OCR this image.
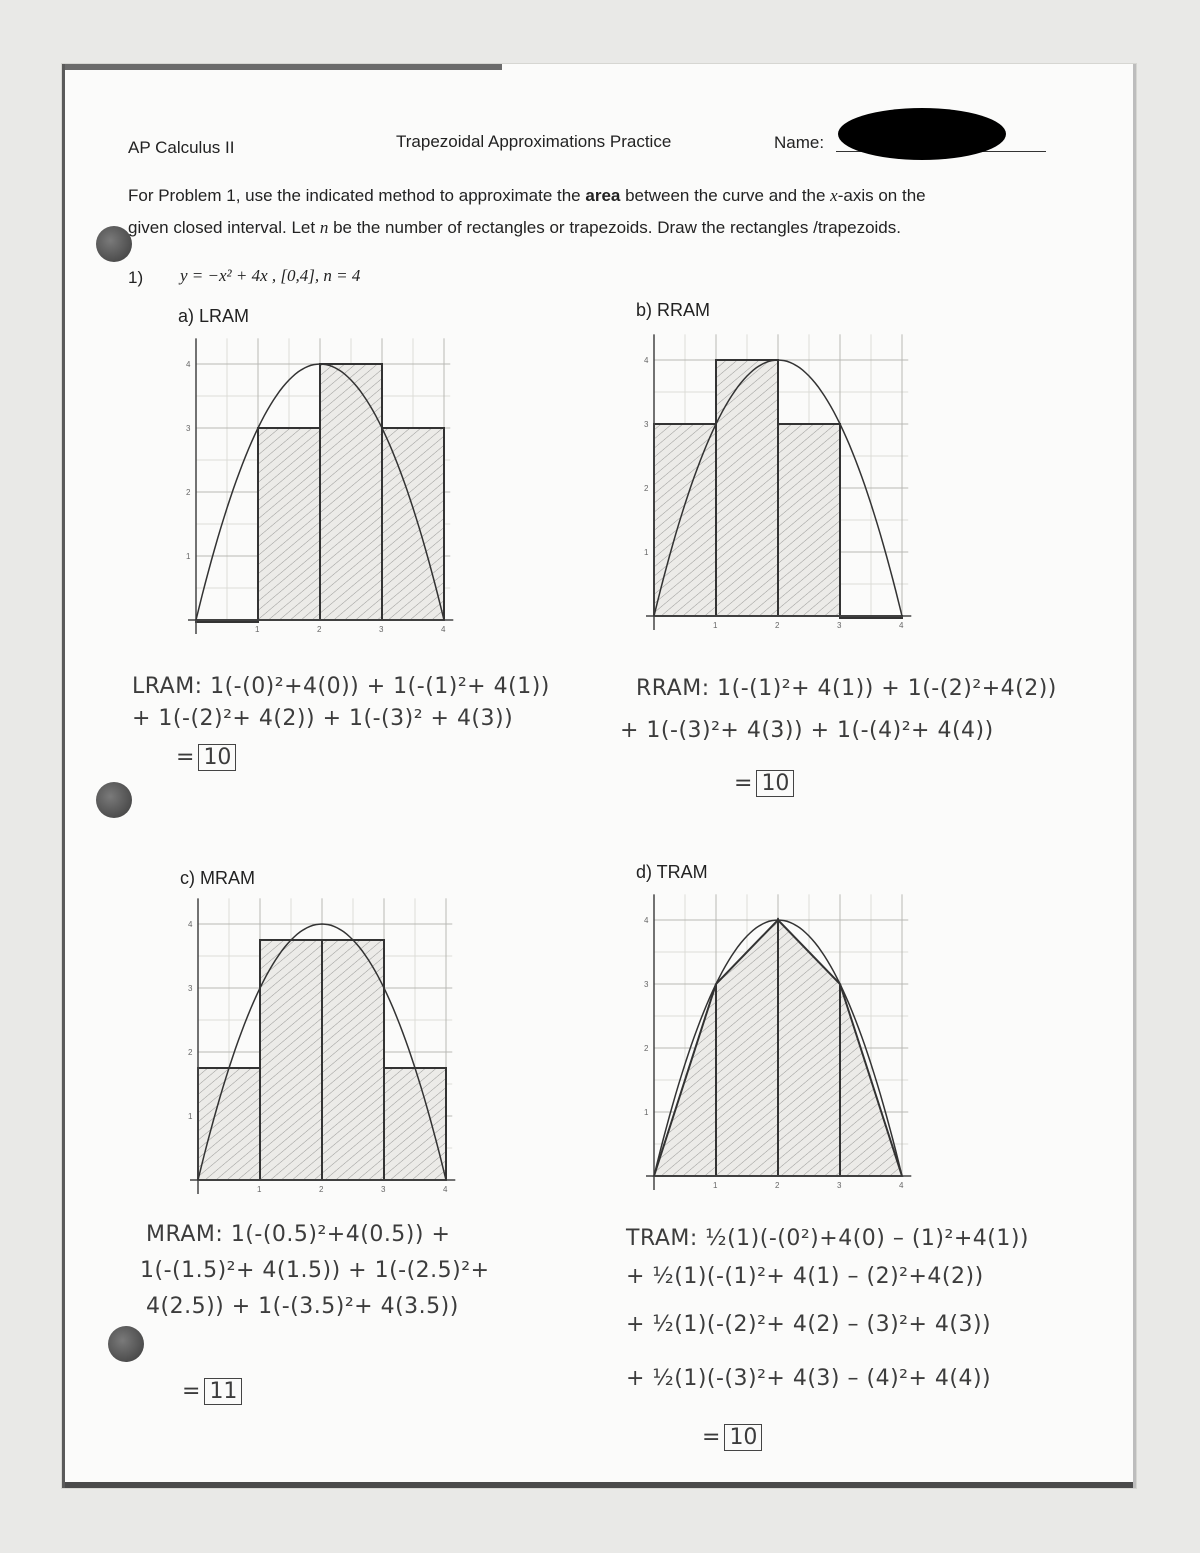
AP Calculus II	Trapezoidal Approximations Practice	Name:
For Problem 1, use the indicated method to approximate the area between the curve and the x-axis on the
given closed interval. Let n be the number of rectangles or trapezoids. Draw the rectangles /trapezoids.
1) y = −x² + 4x , [0,4], n = 4
a) LRAM	b) RRAM
c) MRAM	d) TRAM
1	2	3	4
1
2
3
4
1	2	3	4
1
2
3
4
1	2	3	4
1
2
3
4
1	2	3	4
1
2
3
4
LRAM: 1(-(0)²+4(0)) + 1(-(1)²+ 4(1))
+ 1(-(2)²+ 4(2)) + 1(-(3)² + 4(3))
= 10
RRAM: 1(-(1)²+ 4(1)) + 1(-(2)²+4(2))
+ 1(-(3)²+ 4(3)) + 1(-(4)²+ 4(4))
= 10
MRAM: 1(-(0.5)²+4(0.5)) +
1(-(1.5)²+ 4(1.5)) + 1(-(2.5)²+
4(2.5)) + 1(-(3.5)²+ 4(3.5))
= 11
TRAM: ½(1)(-(0²)+4(0) – (1)²+4(1))
+ ½(1)(-(1)²+ 4(1) – (2)²+4(2))
+ ½(1)(-(2)²+ 4(2) – (3)²+ 4(3))
+ ½(1)(-(3)²+ 4(3) – (4)²+ 4(4))
= 10
